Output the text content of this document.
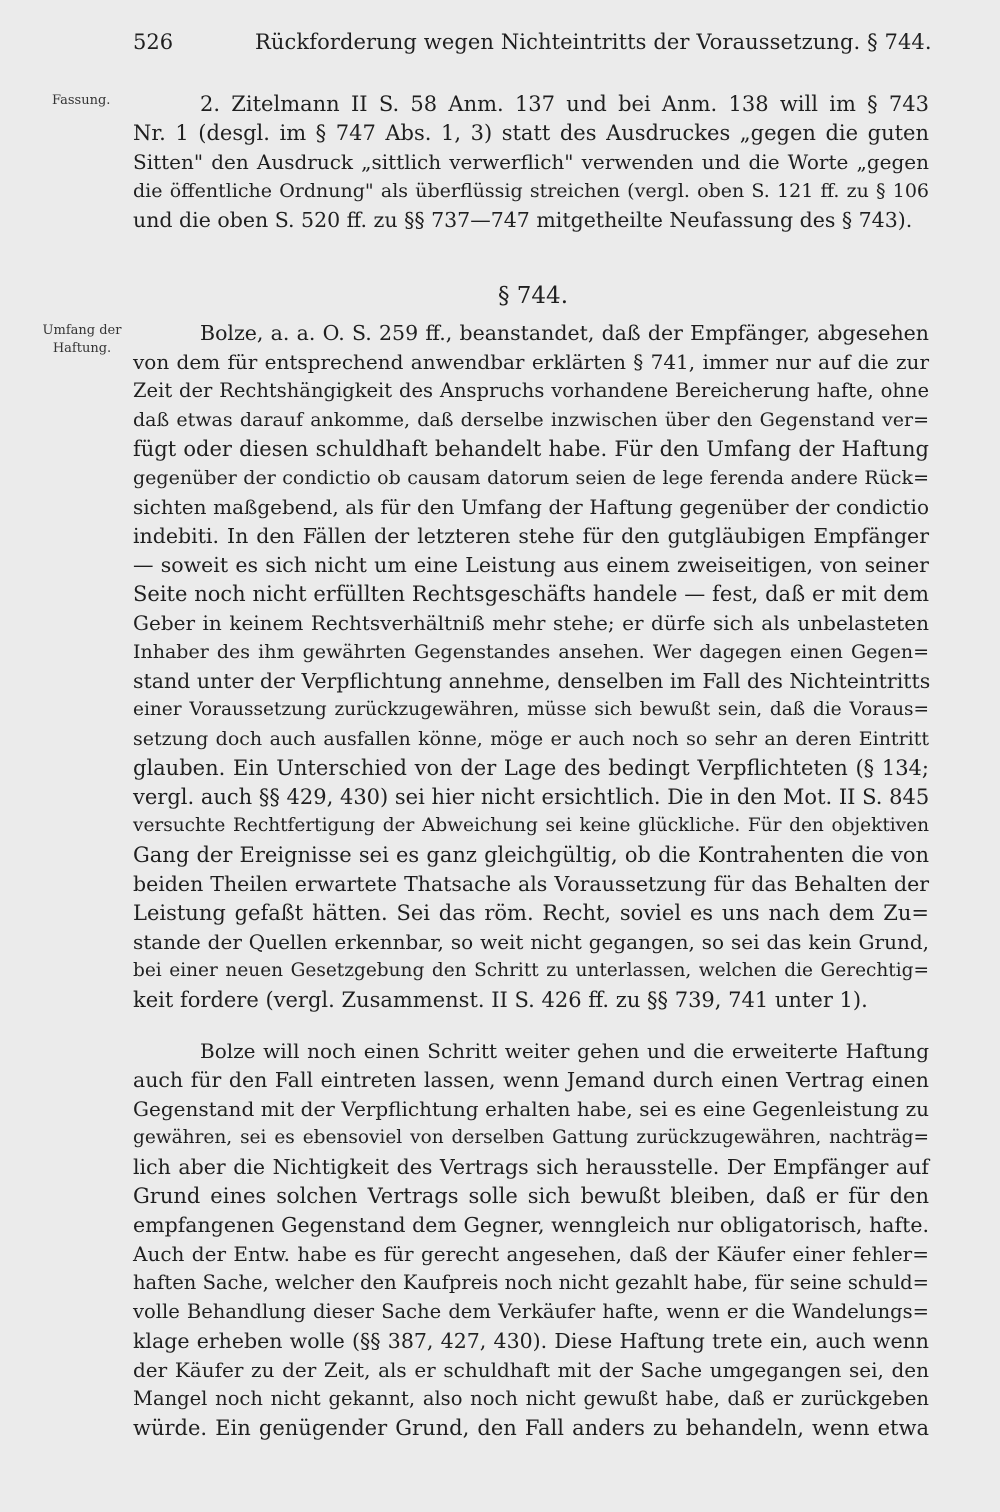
526	Rückforderung wegen Nichteintritts der Voraussetzung. § 744.
Fassung.
Umfang der Haftung.
§ 744.
2. Zitelmann II S. 58 Anm. 137 und bei Anm. 138 will im § 743
Nr. 1 (desgl. im § 747 Abs. 1, 3) statt des Ausdruckes „gegen die guten
Sitten" den Ausdruck „sittlich verwerflich" verwenden und die Worte „gegen
die öffentliche Ordnung" als überflüssig streichen (vergl. oben S. 121 ff. zu § 106
und die oben S. 520 ff. zu §§ 737—747 mitgetheilte Neufassung des § 743).
Bolze, a. a. O. S. 259 ff., beanstandet, daß der Empfänger, abgesehen
von dem für entsprechend anwendbar erklärten § 741, immer nur auf die zur
Zeit der Rechtshängigkeit des Anspruchs vorhandene Bereicherung hafte, ohne
daß etwas darauf ankomme, daß derselbe inzwischen über den Gegenstand ver=
fügt oder diesen schuldhaft behandelt habe. Für den Umfang der Haftung
gegenüber der condictio ob causam datorum seien de lege ferenda andere Rück=
sichten maßgebend, als für den Umfang der Haftung gegenüber der condictio
indebiti. In den Fällen der letzteren stehe für den gutgläubigen Empfänger
— soweit es sich nicht um eine Leistung aus einem zweiseitigen, von seiner
Seite noch nicht erfüllten Rechtsgeschäfts handele — fest, daß er mit dem
Geber in keinem Rechtsverhältniß mehr stehe; er dürfe sich als unbelasteten
Inhaber des ihm gewährten Gegenstandes ansehen. Wer dagegen einen Gegen=
stand unter der Verpflichtung annehme, denselben im Fall des Nichteintritts
einer Voraussetzung zurückzugewähren, müsse sich bewußt sein, daß die Voraus=
setzung doch auch ausfallen könne, möge er auch noch so sehr an deren Eintritt
glauben. Ein Unterschied von der Lage des bedingt Verpflichteten (§ 134;
vergl. auch §§ 429, 430) sei hier nicht ersichtlich. Die in den Mot. II S. 845
versuchte Rechtfertigung der Abweichung sei keine glückliche. Für den objektiven
Gang der Ereignisse sei es ganz gleichgültig, ob die Kontrahenten die von
beiden Theilen erwartete Thatsache als Voraussetzung für das Behalten der
Leistung gefaßt hätten. Sei das röm. Recht, soviel es uns nach dem Zu=
stande der Quellen erkennbar, so weit nicht gegangen, so sei das kein Grund,
bei einer neuen Gesetzgebung den Schritt zu unterlassen, welchen die Gerechtig=
keit fordere (vergl. Zusammenst. II S. 426 ff. zu §§ 739, 741 unter 1).
Bolze will noch einen Schritt weiter gehen und die erweiterte Haftung
auch für den Fall eintreten lassen, wenn Jemand durch einen Vertrag einen
Gegenstand mit der Verpflichtung erhalten habe, sei es eine Gegenleistung zu
gewähren, sei es ebensoviel von derselben Gattung zurückzugewähren, nachträg=
lich aber die Nichtigkeit des Vertrags sich herausstelle. Der Empfänger auf
Grund eines solchen Vertrags solle sich bewußt bleiben, daß er für den
empfangenen Gegenstand dem Gegner, wenngleich nur obligatorisch, hafte.
Auch der Entw. habe es für gerecht angesehen, daß der Käufer einer fehler=
haften Sache, welcher den Kaufpreis noch nicht gezahlt habe, für seine schuld=
volle Behandlung dieser Sache dem Verkäufer hafte, wenn er die Wandelungs=
klage erheben wolle (§§ 387, 427, 430). Diese Haftung trete ein, auch wenn
der Käufer zu der Zeit, als er schuldhaft mit der Sache umgegangen sei, den
Mangel noch nicht gekannt, also noch nicht gewußt habe, daß er zurückgeben
würde. Ein genügender Grund, den Fall anders zu behandeln, wenn etwa
